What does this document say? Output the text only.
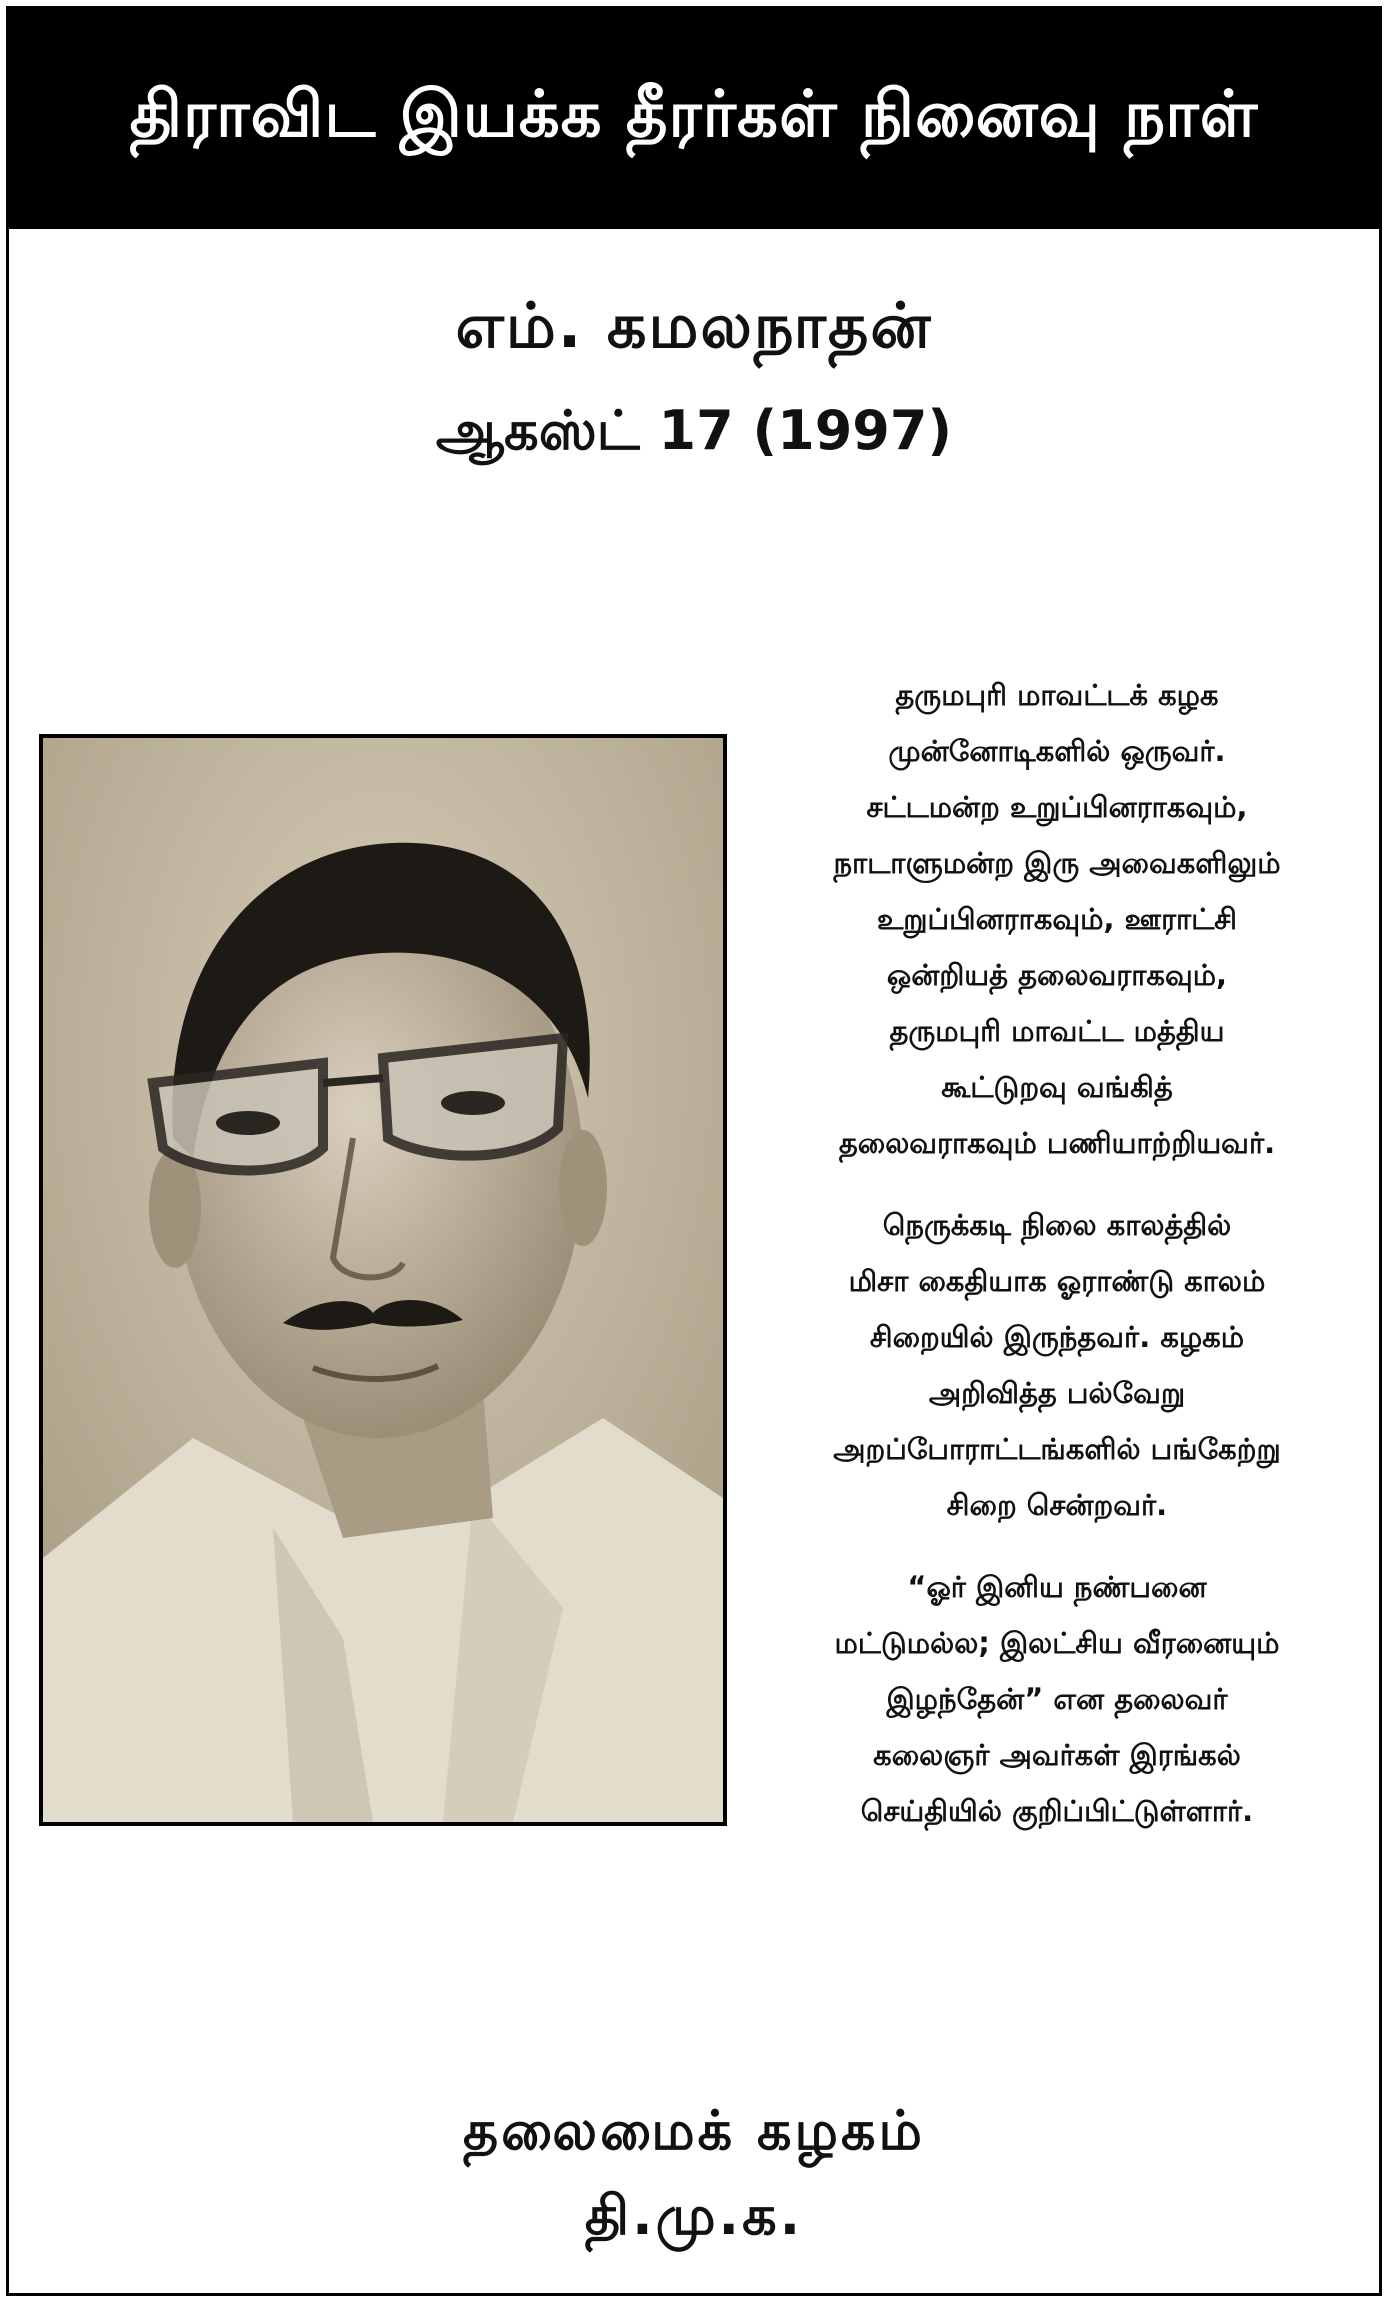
திராவிட இயக்க தீரர்கள் நினைவு நாள்
எம். கமலநாதன்
ஆகஸ்ட் 17 (1997)
தருமபுரி மாவட்டக் கழக
முன்னோடிகளில் ஒருவர்.
சட்டமன்ற உறுப்பினராகவும்,
நாடாளுமன்ற இரு அவைகளிலும்
உறுப்பினராகவும், ஊராட்சி
ஒன்றியத் தலைவராகவும்,
தருமபுரி மாவட்ட மத்திய
கூட்டுறவு வங்கித்
தலைவராகவும் பணியாற்றியவர்.
நெருக்கடி நிலை காலத்தில்
மிசா கைதியாக ஓராண்டு காலம்
சிறையில் இருந்தவர். கழகம்
அறிவித்த பல்வேறு
அறப்போராட்டங்களில் பங்கேற்று
சிறை சென்றவர்.
“ஓர் இனிய நண்பனை
மட்டுமல்ல; இலட்சிய வீரனையும்
இழந்தேன்” என தலைவர்
கலைஞர் அவர்கள் இரங்கல்
செய்தியில் குறிப்பிட்டுள்ளார்.
தலைமைக் கழகம்
தி.மு.க.
